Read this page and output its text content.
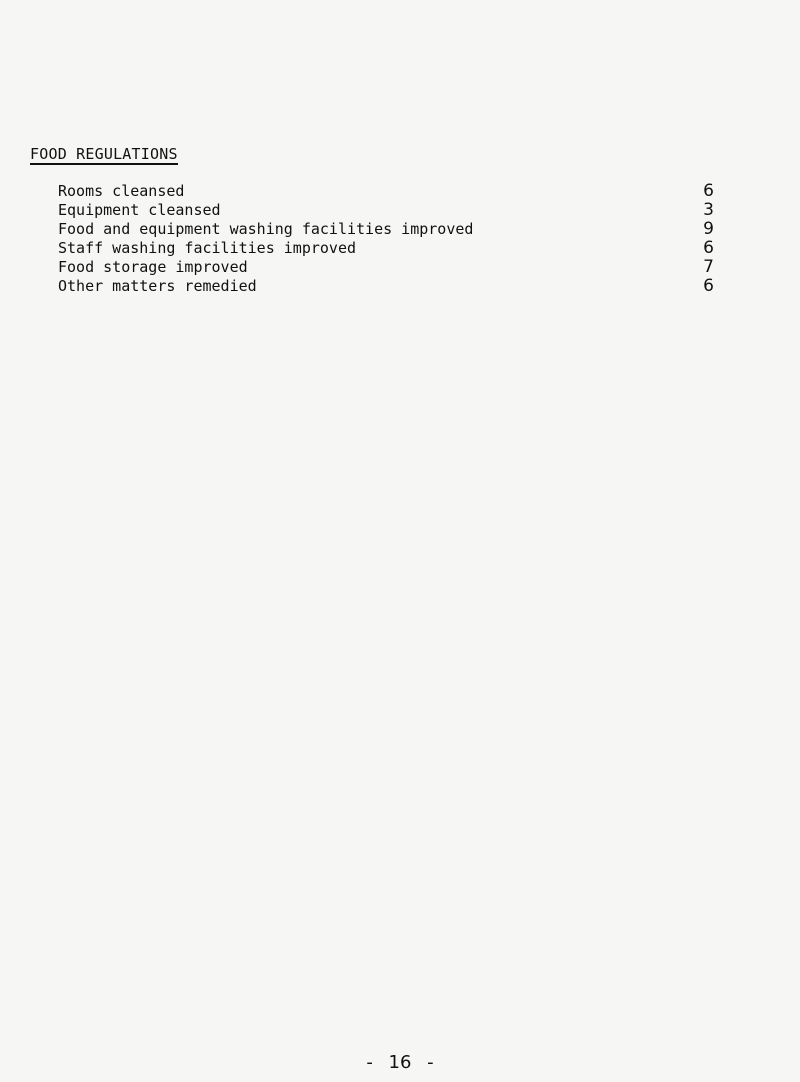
FOOD REGULATIONS
Rooms cleansed	6
Equipment cleansed	3
Food and equipment washing facilities improved	9
Staff washing facilities improved	6
Food storage improved	7
Other matters remedied	6
- 16 -
